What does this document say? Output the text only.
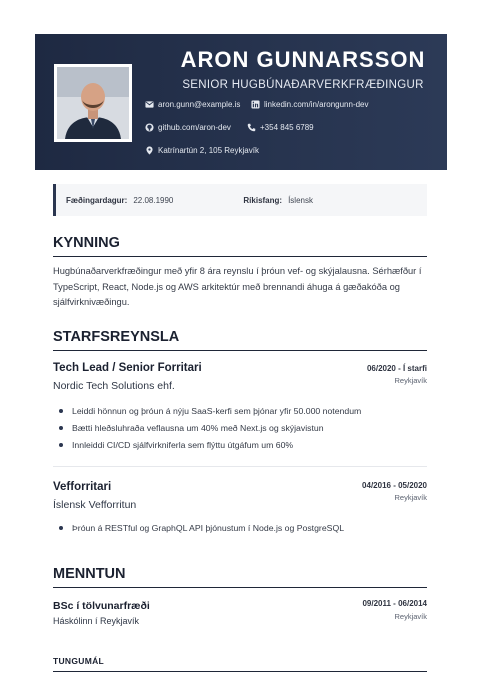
ARON GUNNARSSON
SENIOR HUGBÚNAÐARVERKFRÆÐINGUR
aron.gunn@example.is	linkedin.com/in/arongunn-dev
github.com/aron-dev	+354 845 6789
Katrínartún 2, 105 Reykjavík
Fæðingardagur: 22.08.1990	Ríkisfang: Íslensk
KYNNING
Hugbúnaðarverkfræðingur með yfir 8 ára reynslu í þróun vef- og skýjalausna. Sérhæfður í TypeScript, React, Node.js og AWS arkitektúr með brennandi áhuga á gæðakóða og sjálfvirknivæðingu.
STARFSREYNSLA
Tech Lead / Senior Forritari	06/2020 - Í starfi
Reykjavík
Nordic Tech Solutions ehf.
Leiddi hönnun og þróun á nýju SaaS-kerfi sem þjónar yfir 50.000 notendum
Bætti hleðsluhraða veflausna um 40% með Next.js og skýjavistun
Innleiddi CI/CD sjálfvirkniferla sem flýttu útgáfum um 60%
Vefforritari	04/2016 - 05/2020
Reykjavík
Íslensk Vefforritun
Þróun á RESTful og GraphQL API þjónustum í Node.js og PostgreSQL
MENNTUN
BSc í tölvunarfræði	09/2011 - 06/2014
Reykjavík
Háskólinn í Reykjavík
TUNGUMÁL
